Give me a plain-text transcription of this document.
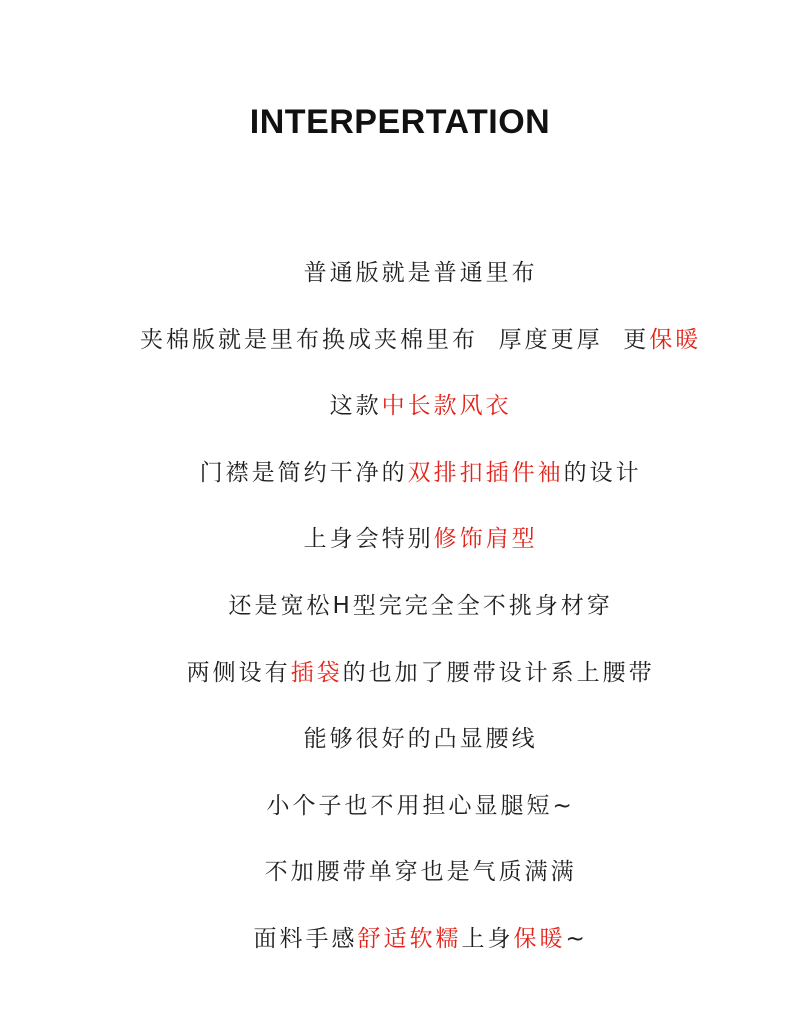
INTERPERTATION

普通版就是普通里布

夹棉版就是里布换成夹棉里布  厚度更厚  更保暖

这款中长款风衣

门襟是简约干净的双排扣插件袖的设计

上身会特别修饰肩型

还是宽松H型完完全全不挑身材穿

两侧设有插袋的也加了腰带设计系上腰带

能够很好的凸显腰线

小个子也不用担心显腿短~

不加腰带单穿也是气质满满

面料手感舒适软糯上身保暖~
